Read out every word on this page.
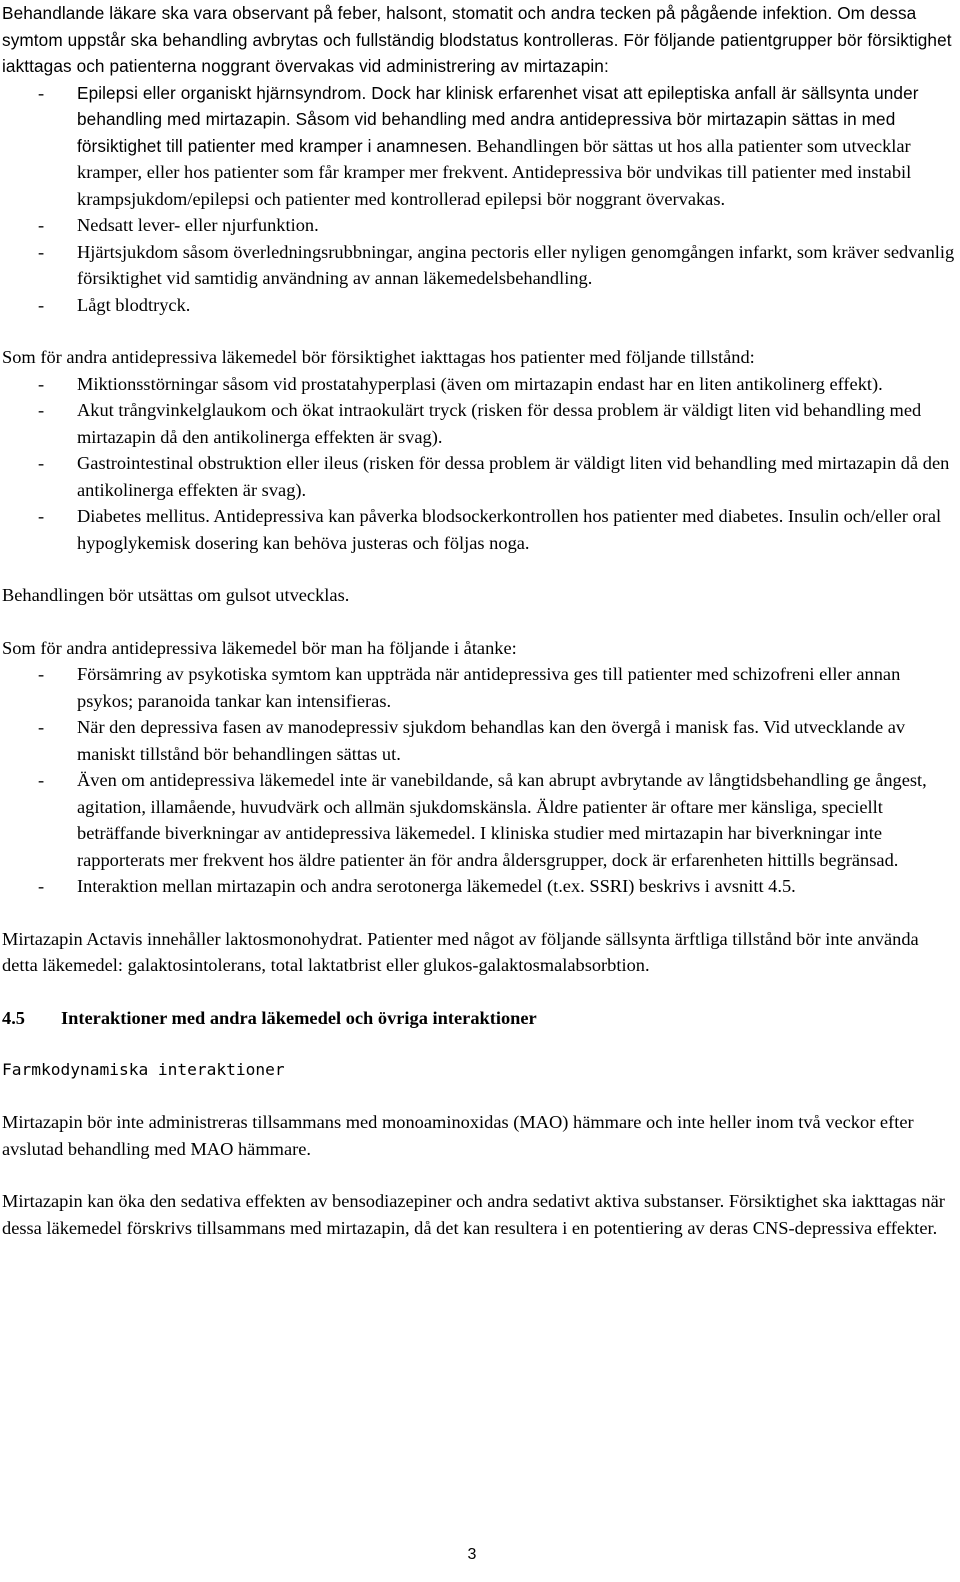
Behandlande läkare ska vara observant på feber, halsont, stomatit och andra tecken på pågående infektion. Om dessa symtom uppstår ska behandling avbrytas och fullständig blodstatus kontrolleras. För följande patientgrupper bör försiktighet iakttagas och patienterna noggrant övervakas vid administrering av mirtazapin:

- Epilepsi eller organiskt hjärnsyndrom. Dock har klinisk erfarenhet visat att epileptiska anfall är sällsynta under behandling med mirtazapin. Såsom vid behandling med andra antidepressiva bör mirtazapin sättas in med försiktighet till patienter med kramper i anamnesen. Behandlingen bör sättas ut hos alla patienter som utvecklar kramper, eller hos patienter som får kramper mer frekvent. Antidepressiva bör undvikas till patienter med instabil krampsjukdom/epilepsi och patienter med kontrollerad epilepsi bör noggrant övervakas.
- Nedsatt lever- eller njurfunktion.
- Hjärtsjukdom såsom överledningsrubbningar, angina pectoris eller nyligen genomgången infarkt, som kräver sedvanlig försiktighet vid samtidig användning av annan läkemedelsbehandling.
- Lågt blodtryck.

Som för andra antidepressiva läkemedel bör försiktighet iakttagas hos patienter med följande tillstånd:

- Miktionsstörningar såsom vid prostatahyperplasi (även om mirtazapin endast har en liten antikolinerg effekt).
- Akut trångvinkelglaukom och ökat intraokulärt tryck (risken för dessa problem är väldigt liten vid behandling med mirtazapin då den antikolinerga effekten är svag).
- Gastrointestinal obstruktion eller ileus (risken för dessa problem är väldigt liten vid behandling med mirtazapin då den antikolinerga effekten är svag).
- Diabetes mellitus. Antidepressiva kan påverka blodsockerkontrollen hos patienter med diabetes. Insulin och/eller oral hypoglykemisk dosering kan behöva justeras och följas noga.

Behandlingen bör utsättas om gulsot utvecklas.

Som för andra antidepressiva läkemedel bör man ha följande i åtanke:

- Försämring av psykotiska symtom kan uppträda när antidepressiva ges till patienter med schizofreni eller annan psykos; paranoida tankar kan intensifieras.
- När den depressiva fasen av manodepressiv sjukdom behandlas kan den övergå i manisk fas. Vid utvecklande av maniskt tillstånd bör behandlingen sättas ut.
- Även om antidepressiva läkemedel inte är vanebildande, så kan abrupt avbrytande av långtidsbehandling ge ångest, agitation, illamående, huvudvärk och allmän sjukdomskänsla. Äldre patienter är oftare mer känsliga, speciellt beträffande biverkningar av antidepressiva läkemedel. I kliniska studier med mirtazapin har biverkningar inte rapporterats mer frekvent hos äldre patienter än för andra åldersgrupper, dock är erfarenheten hittills begränsad.
- Interaktion mellan mirtazapin och andra serotonerga läkemedel (t.ex. SSRI) beskrivs i avsnitt 4.5.

Mirtazapin Actavis innehåller laktosmonohydrat. Patienter med något av följande sällsynta ärftliga tillstånd bör inte använda detta läkemedel: galaktosintolerans, total laktatbrist eller glukos-galaktosmalabsorbtion.

4.5	Interaktioner med andra läkemedel och övriga interaktioner

Farmkodynamiska interaktioner

Mirtazapin bör inte administreras tillsammans med monoaminoxidas (MAO) hämmare och inte heller inom två veckor efter avslutad behandling med MAO hämmare.

Mirtazapin kan öka den sedativa effekten av bensodiazepiner och andra sedativt aktiva substanser. Försiktighet ska iakttagas när dessa läkemedel förskrivs tillsammans med mirtazapin, då det kan resultera i en potentiering av deras CNS-depressiva effekter.

3
